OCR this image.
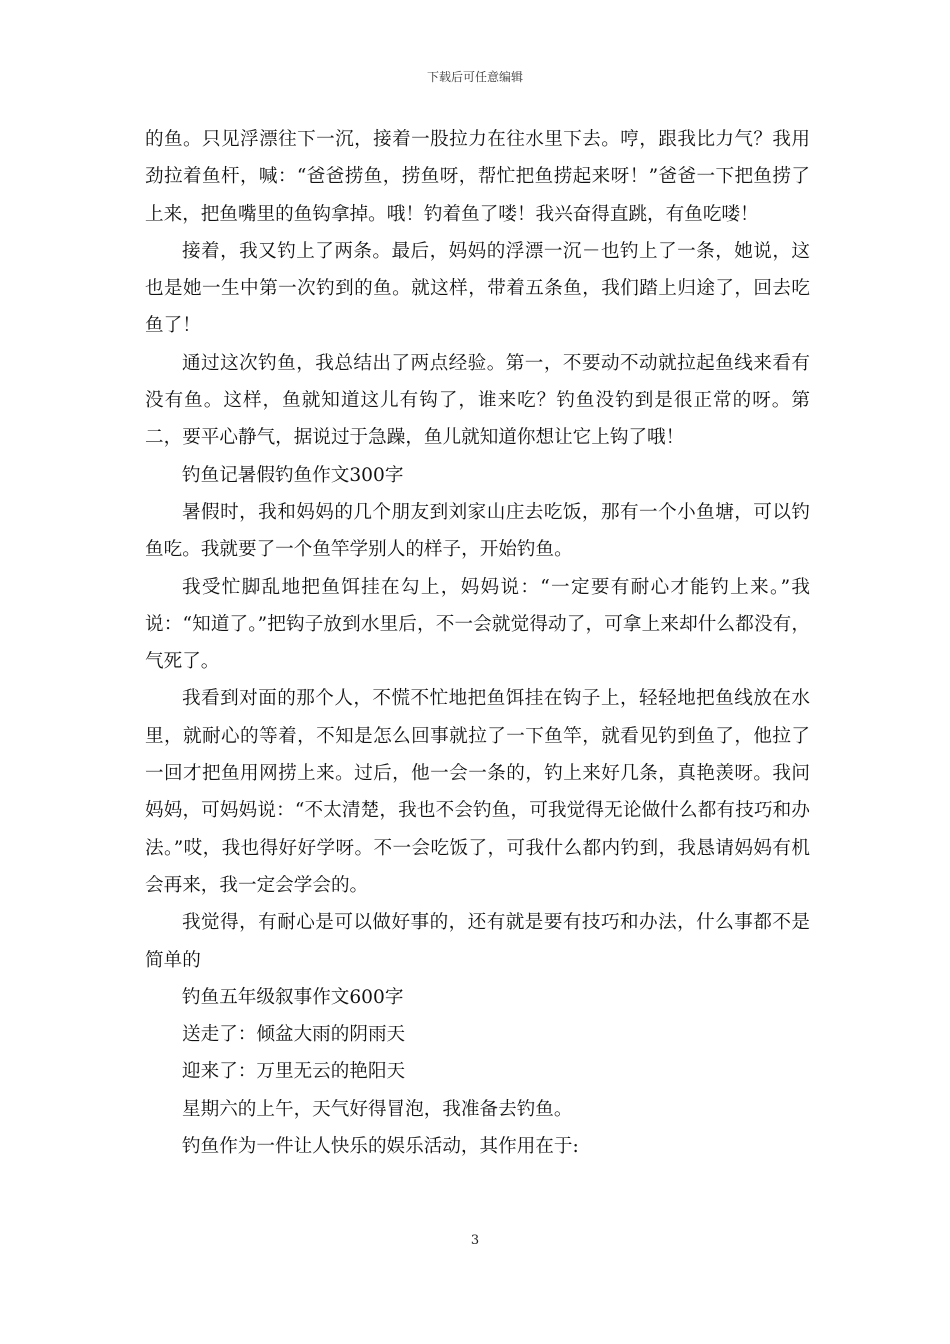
下载后可任意编辑

的鱼。只见浮漂往下一沉，接着一股拉力在往水里下去。哼，跟我比力气？我用劲拉着鱼杆，喊：“爸爸捞鱼，捞鱼呀，帮忙把鱼捞起来呀！”爸爸一下把鱼捞了上来，把鱼嘴里的鱼钩拿掉。哦！钓着鱼了喽！我兴奋得直跳，有鱼吃喽！

接着，我又钓上了两条。最后，妈妈的浮漂一沉－也钓上了一条，她说，这也是她一生中第一次钓到的鱼。就这样，带着五条鱼，我们踏上归途了，回去吃鱼了！

通过这次钓鱼，我总结出了两点经验。第一，不要动不动就拉起鱼线来看有没有鱼。这样，鱼就知道这儿有钩了，谁来吃？钓鱼没钓到是很正常的呀。第二，要平心静气，据说过于急躁，鱼儿就知道你想让它上钩了哦！

钓鱼记暑假钓鱼作文300字

暑假时，我和妈妈的几个朋友到刘家山庄去吃饭，那有一个小鱼塘，可以钓鱼吃。我就要了一个鱼竿学别人的样子，开始钓鱼。

我受忙脚乱地把鱼饵挂在勾上，妈妈说：“一定要有耐心才能钓上来。”我说：“知道了。”把钩子放到水里后，不一会就觉得动了，可拿上来却什么都没有，气死了。

我看到对面的那个人，不慌不忙地把鱼饵挂在钩子上，轻轻地把鱼线放在水里，就耐心的等着，不知是怎么回事就拉了一下鱼竿，就看见钓到鱼了，他拉了一回才把鱼用网捞上来。过后，他一会一条的，钓上来好几条，真艳羡呀。我问妈妈，可妈妈说：“不太清楚，我也不会钓鱼，可我觉得无论做什么都有技巧和办法。”哎，我也得好好学呀。不一会吃饭了，可我什么都内钓到，我恳请妈妈有机会再来，我一定会学会的。

我觉得，有耐心是可以做好事的，还有就是要有技巧和办法，什么事都不是简单的

钓鱼五年级叙事作文600字

送走了：倾盆大雨的阴雨天

迎来了：万里无云的艳阳天

星期六的上午，天气好得冒泡，我准备去钓鱼。

钓鱼作为一件让人快乐的娱乐活动，其作用在于:

3
